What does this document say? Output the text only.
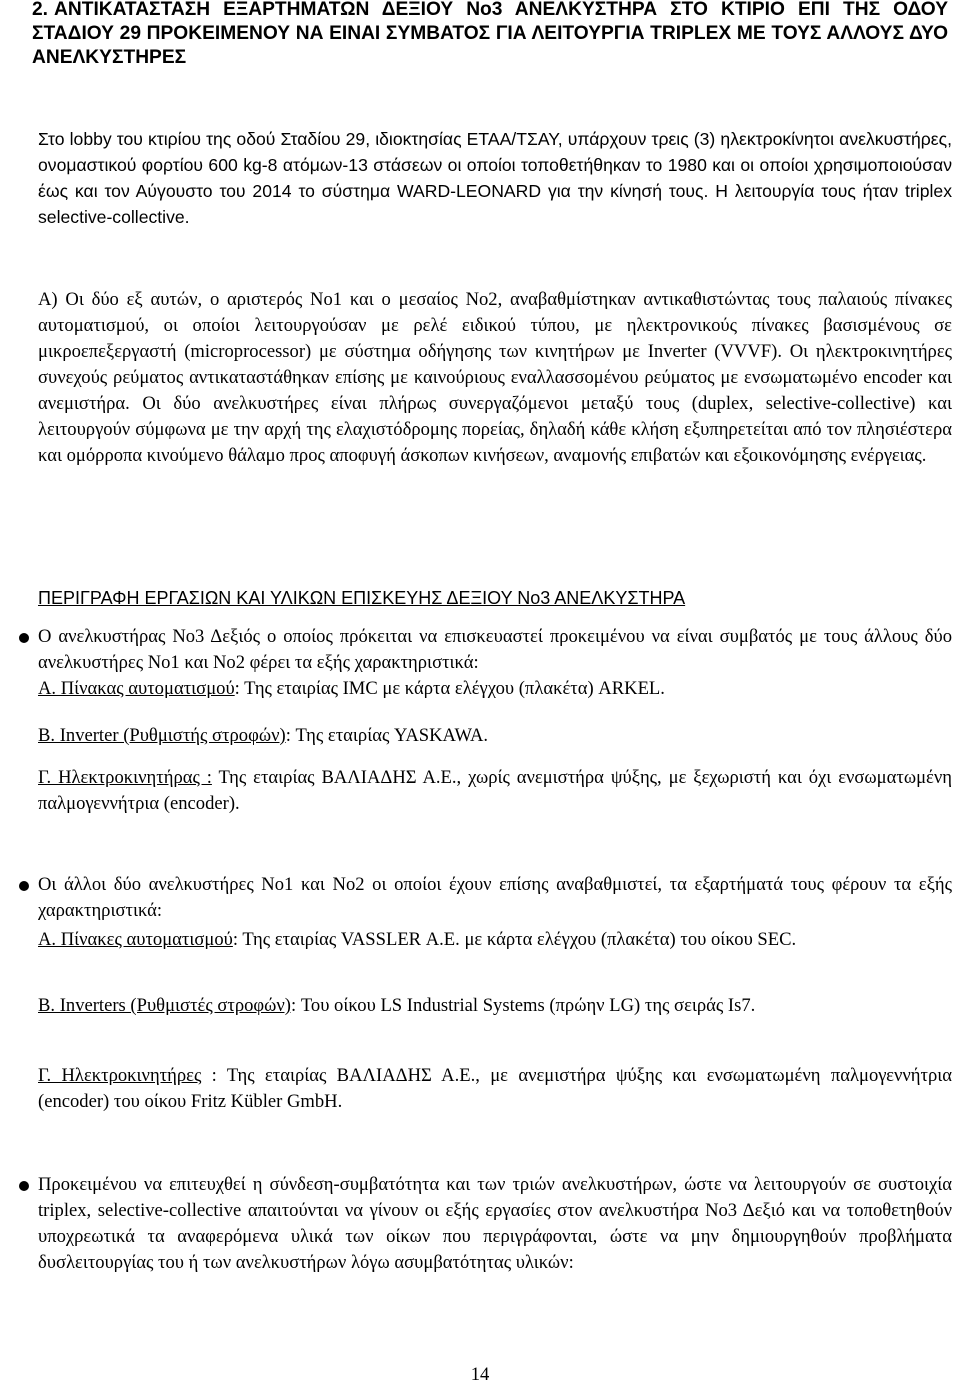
2. ΑΝΤΙΚΑΤΑΣΤΑΣΗ ΕΞΑΡΤΗΜΑΤΩΝ ΔΕΞΙΟΥ Νο3 ΑΝΕΛΚΥΣΤΗΡΑ ΣΤΟ ΚΤΙΡΙΟ ΕΠΙ ΤΗΣ ΟΔΟΥ ΣΤΑΔΙΟΥ 29 ΠΡΟΚΕΙΜΕΝΟΥ ΝΑ ΕΙΝΑΙ ΣΥΜΒΑΤΟΣ ΓΙΑ ΛΕΙΤΟΥΡΓΙΑ TRIPLEX ΜΕ ΤΟΥΣ ΑΛΛΟΥΣ ΔΥΟ ΑΝΕΛΚΥΣΤΗΡΕΣ
Στο lobby του κτιρίου της οδού Σταδίου 29, ιδιοκτησίας ΕΤΑΑ/ΤΣΑΥ, υπάρχουν τρεις (3) ηλεκτροκίνητοι ανελκυστήρες, ονομαστικού φορτίου 600 kg-8 ατόμων-13 στάσεων οι οποίοι τοποθετήθηκαν το 1980 και οι οποίοι χρησιμοποιούσαν έως και τον Αύγουστο του 2014 το σύστημα WARD-LEONARD για την κίνησή τους. Η λειτουργία τους ήταν triplex selective-collective.
Α) Οι δύο εξ αυτών, ο αριστερός Νο1 και ο μεσαίος Νο2, αναβαθμίστηκαν αντικαθιστώντας τους παλαιούς πίνακες αυτοματισμού, οι οποίοι λειτουργούσαν με ρελέ ειδικού τύπου, με ηλεκτρονικούς πίνακες βασισμένους σε μικροεπεξεργαστή (microprocessor) με σύστημα οδήγησης των κινητήρων με Inverter (VVVF). Οι ηλεκτροκινητήρες συνεχούς ρεύματος αντικαταστάθηκαν επίσης με καινούριους εναλλασσομένου ρεύματος με ενσωματωμένο encoder και ανεμιστήρα. Οι δύο ανελκυστήρες είναι πλήρως συνεργαζόμενοι μεταξύ τους (duplex, selective-collective) και λειτουργούν σύμφωνα με την αρχή της ελαχιστόδρομης πορείας, δηλαδή κάθε κλήση εξυπηρετείται από τον πλησιέστερα και ομόρροπα κινούμενο θάλαμο προς αποφυγή άσκοπων κινήσεων, αναμονής επιβατών και εξοικονόμησης ενέργειας.
ΠΕΡΙΓΡΑΦΗ ΕΡΓΑΣΙΩΝ ΚΑΙ ΥΛΙΚΩΝ ΕΠΙΣΚΕΥΗΣ ΔΕΞΙΟΥ Νο3 ΑΝΕΛΚΥΣΤΗΡΑ
Ο ανελκυστήρας Νο3 Δεξιός ο οποίος πρόκειται να επισκευαστεί προκειμένου να είναι συμβατός με τους άλλους δύο ανελκυστήρες Νο1 και Νο2 φέρει τα εξής χαρακτηριστικά:
Α. Πίνακας αυτοματισμού: Της εταιρίας IMC με κάρτα ελέγχου (πλακέτα) ARKEL.
Β. Inverter (Ρυθμιστής στροφών): Της εταιρίας YASKAWA.
Γ. Ηλεκτροκινητήρας : Της εταιρίας ΒΑΛΙΑΔΗΣ Α.Ε., χωρίς ανεμιστήρα ψύξης, με ξεχωριστή και όχι ενσωματωμένη παλμογεννήτρια (encoder).
Οι άλλοι δύο ανελκυστήρες Νο1 και Νο2 οι οποίοι έχουν επίσης αναβαθμιστεί, τα εξαρτήματά τους φέρουν τα εξής χαρακτηριστικά:
Α. Πίνακες αυτοματισμού: Της εταιρίας VASSLER Α.Ε. με κάρτα ελέγχου (πλακέτα) του οίκου SEC.
Β. Inverters (Ρυθμιστές στροφών): Του οίκου LS Industrial Systems (πρώην LG) της σειράς Is7.
Γ. Ηλεκτροκινητήρες : Της εταιρίας ΒΑΛΙΑΔΗΣ Α.Ε., με ανεμιστήρα ψύξης και ενσωματωμένη παλμογεννήτρια (encoder) του οίκου Fritz Kübler GmbH.
Προκειμένου να επιτευχθεί η σύνδεση-συμβατότητα και των τριών ανελκυστήρων, ώστε να λειτουργούν σε συστοιχία triplex, selective-collective απαιτούνται να γίνουν οι εξής εργασίες στον ανελκυστήρα Νο3 Δεξιό και να τοποθετηθούν υποχρεωτικά τα αναφερόμενα υλικά των οίκων που περιγράφονται, ώστε να μην δημιουργηθούν προβλήματα δυσλειτουργίας του ή των ανελκυστήρων λόγω ασυμβατότητας υλικών:
14
